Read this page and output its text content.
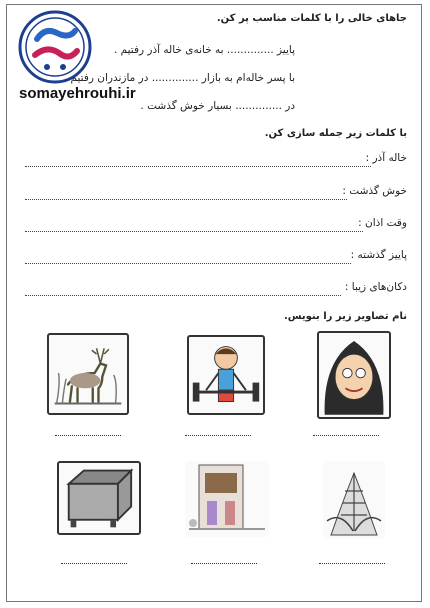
somayehrouhi.ir
جاهای خالی را با کلمات مناسب پر کن.
پاییز .............. به خانه‌ی خاله آذر رفتیم .
با پسر خاله‌ام به بازار .............. در مازندران رفتیم .
در .............. بسیار خوش گذشت .
با کلمات زیر جمله سازی کن.
خاله آذر :
خوش گذشت :
وقت اذان :
پاییز گذشته :
دکان‌های زیبا :
نام تصاویر زیر را بنویس.
